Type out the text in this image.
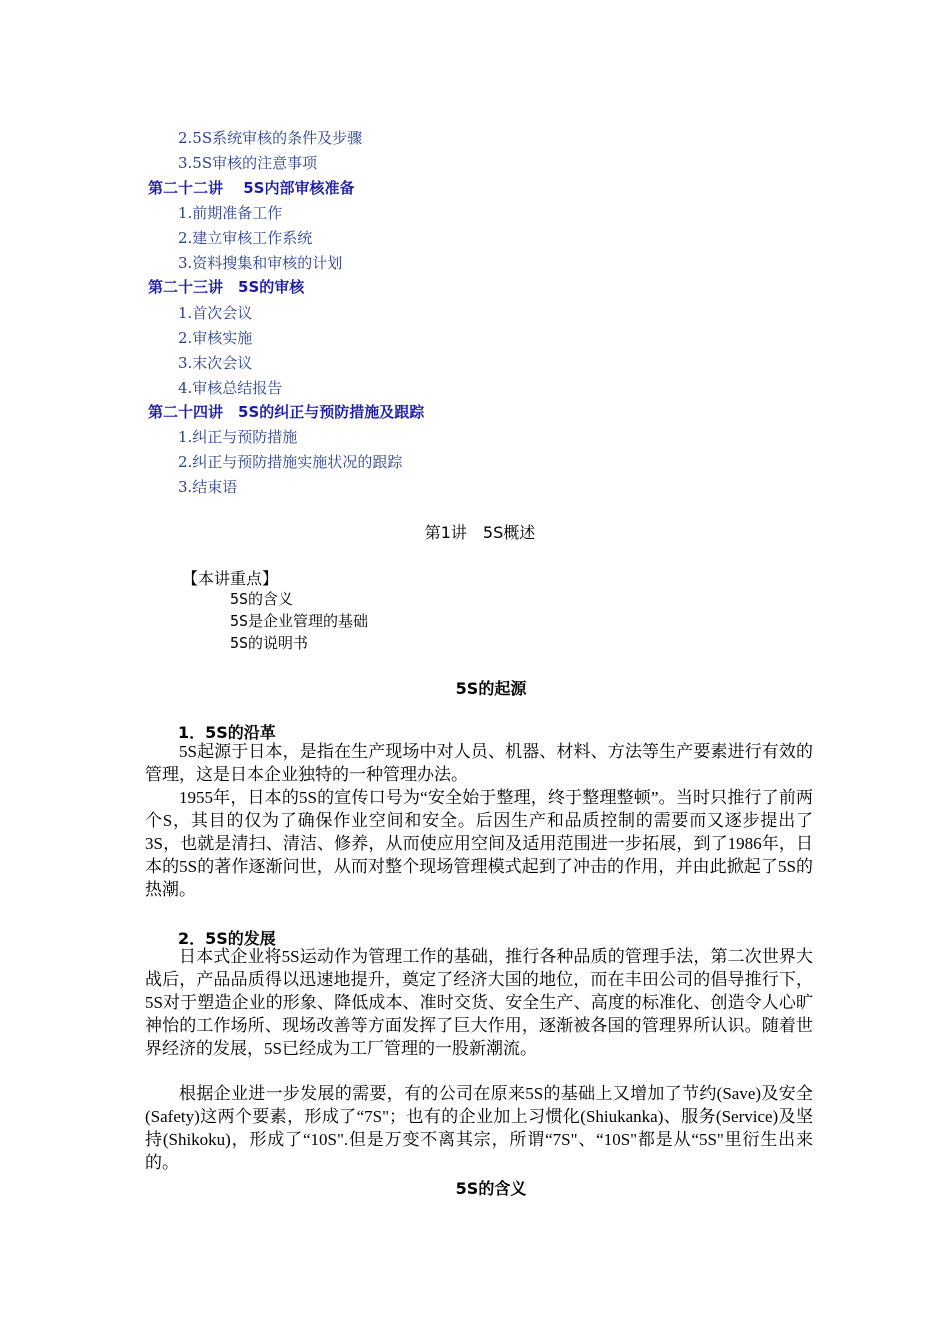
2.5S系统审核的条件及步骤
3.5S审核的注意事项
第二十二讲　 5S内部审核准备
1.前期准备工作
2.建立审核工作系统
3.资料搜集和审核的计划
第二十三讲　5S的审核
1.首次会议
2.审核实施
3.末次会议
4.审核总结报告
第二十四讲　5S的纠正与预防措施及跟踪
1.纠正与预防措施
2.纠正与预防措施实施状况的跟踪
3.结束语
第1讲　5S概述
【本讲重点】
5S的含义
5S是企业管理的基础
5S的说明书
5S的起源
1．5S的沿革

5S起源于日本，是指在生产现场中对人员、机器、材料、方法等生产要素进行有效的管理，这是日本企业独特的一种管理办法。

1955年，日本的5S的宣传口号为“安全始于整理，终于整理整顿”。当时只推行了前两个S，其目的仅为了确保作业空间和安全。后因生产和品质控制的需要而又逐步提出了3S，也就是清扫、清洁、修养，从而使应用空间及适用范围进一步拓展，到了1986年，日本的5S的著作逐渐问世，从而对整个现场管理模式起到了冲击的作用，并由此掀起了5S的热潮。

2．5S的发展

日本式企业将5S运动作为管理工作的基础，推行各种品质的管理手法，第二次世界大战后，产品品质得以迅速地提升，奠定了经济大国的地位，而在丰田公司的倡导推行下，5S对于塑造企业的形象、降低成本、准时交货、安全生产、高度的标准化、创造令人心旷神怡的工作场所、现场改善等方面发挥了巨大作用，逐渐被各国的管理界所认识。随着世界经济的发展，5S已经成为工厂管理的一股新潮流。

根据企业进一步发展的需要，有的公司在原来5S的基础上又增加了节约(Save)及安全(Safety)这两个要素，形成了“7S"；也有的企业加上习惯化(Shiukanka)、服务(Service)及坚持(Shikoku)，形成了“10S".但是万变不离其宗，所谓“7S"、“10S"都是从“5S"里衍生出来的。

5S的含义
